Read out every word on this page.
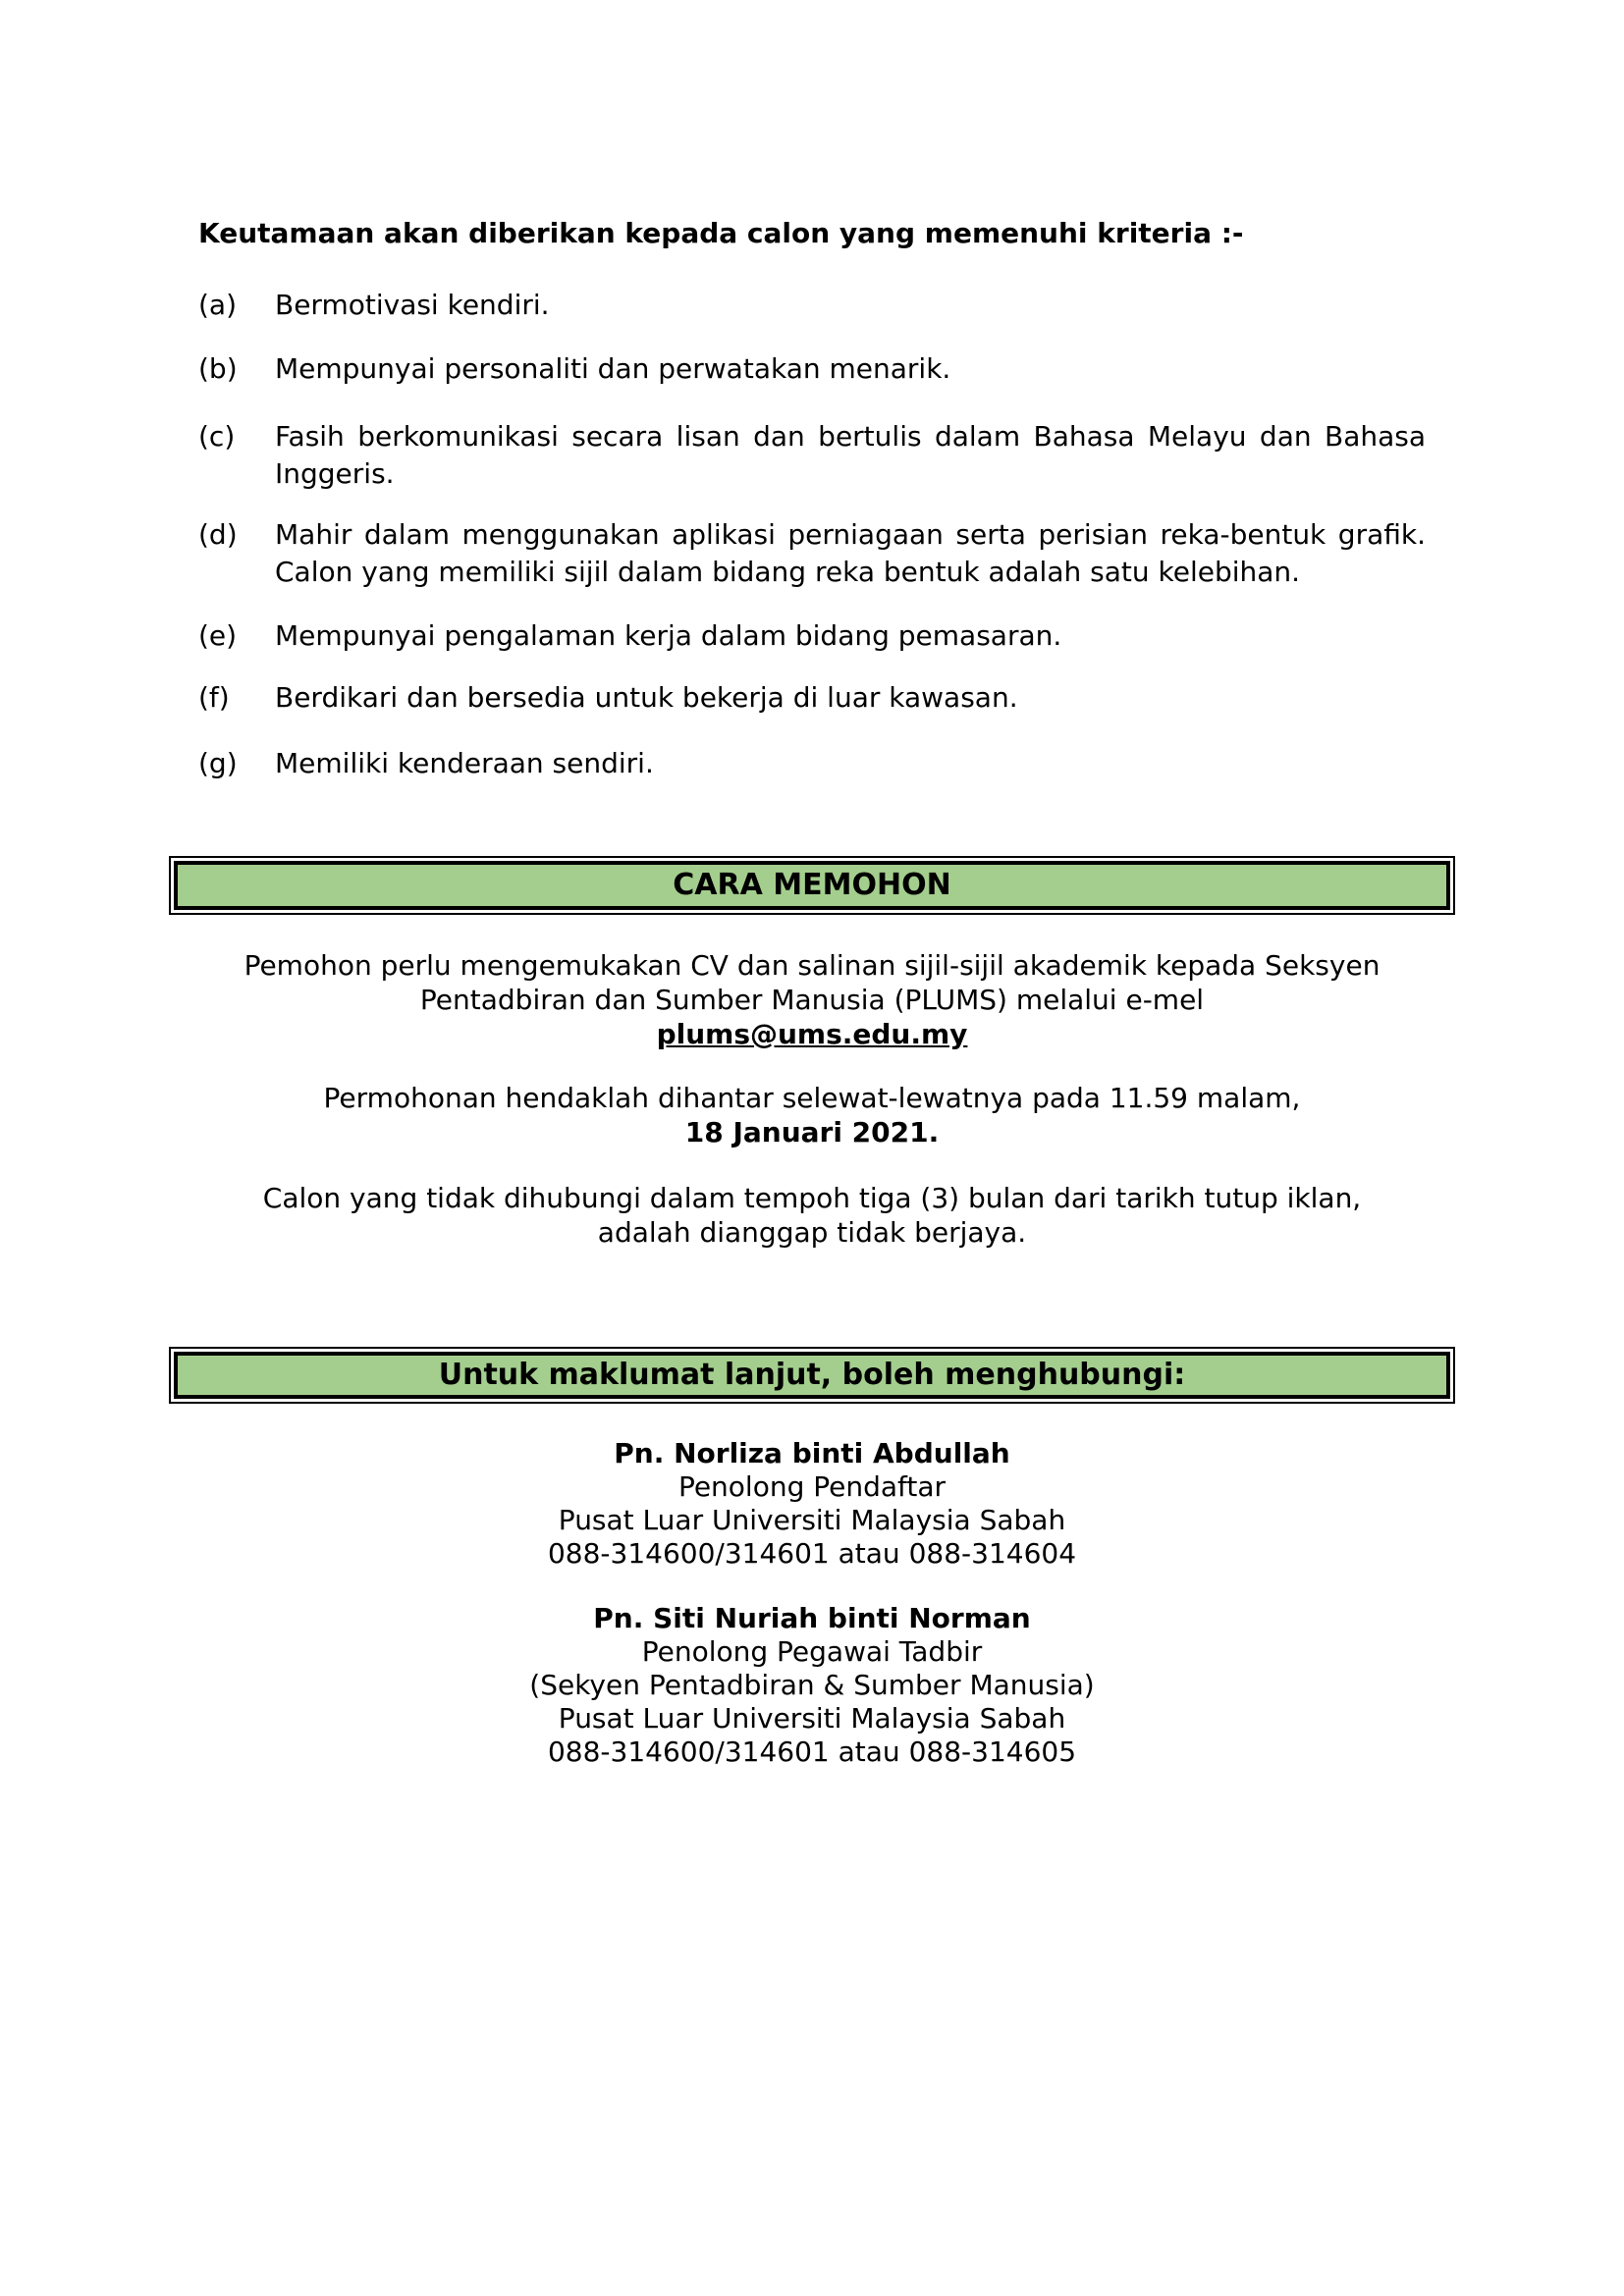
Keutamaan akan diberikan kepada calon yang memenuhi kriteria :-
(a) Bermotivasi kendiri.
(b) Mempunyai personaliti dan perwatakan menarik.
(c) Fasih berkomunikasi secara lisan dan bertulis dalam Bahasa Melayu dan Bahasa
Inggeris.
(d) Mahir dalam menggunakan aplikasi perniagaan serta perisian reka-bentuk grafik.
Calon yang memiliki sijil dalam bidang reka bentuk adalah satu kelebihan.
(e) Mempunyai pengalaman kerja dalam bidang pemasaran.
(f) Berdikari dan bersedia untuk bekerja di luar kawasan.
(g) Memiliki kenderaan sendiri.
CARA MEMOHON
Pemohon perlu mengemukakan CV dan salinan sijil-sijil akademik kepada Seksyen
Pentadbiran dan Sumber Manusia (PLUMS) melalui e-mel
plums@ums.edu.my
Permohonan hendaklah dihantar selewat-lewatnya pada 11.59 malam,
18 Januari 2021.
Calon yang tidak dihubungi dalam tempoh tiga (3) bulan dari tarikh tutup iklan,
adalah dianggap tidak berjaya.
Untuk maklumat lanjut, boleh menghubungi:
Pn. Norliza binti Abdullah
Penolong Pendaftar
Pusat Luar Universiti Malaysia Sabah
088-314600/314601 atau 088-314604
Pn. Siti Nuriah binti Norman
Penolong Pegawai Tadbir
(Sekyen Pentadbiran & Sumber Manusia)
Pusat Luar Universiti Malaysia Sabah
088-314600/314601 atau 088-314605
